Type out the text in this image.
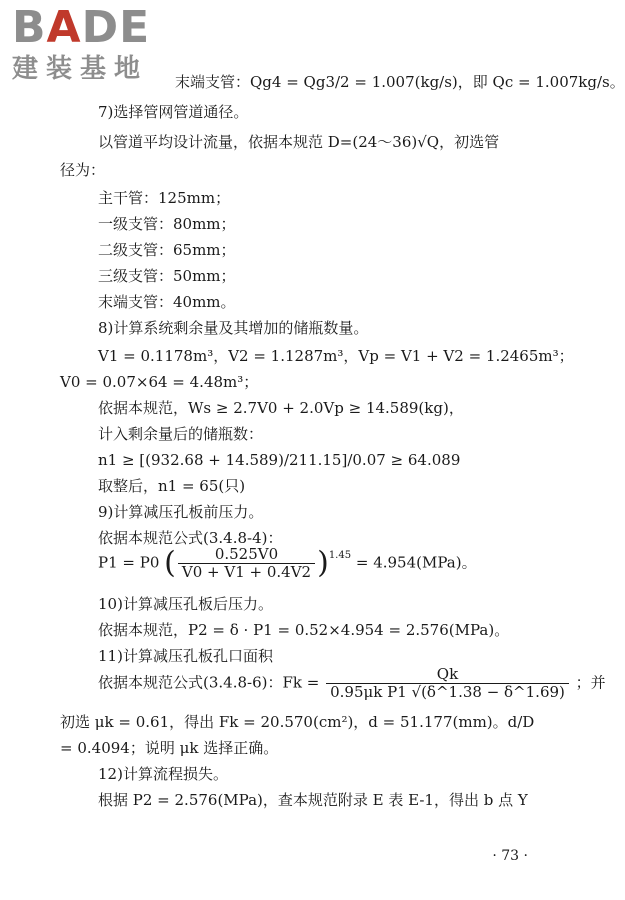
BADE
建装基地	末端支管：Qg4 = Qg3/2 = 1.007(kg/s)，即 Qc = 1.007kg/s。
7)选择管网管道通径。
以管道平均设计流量，依据本规范 D=(24～36)√Q，初选管
径为：
主干管：125mm；
一级支管：80mm；
二级支管：65mm；
三级支管：50mm；
末端支管：40mm。
8)计算系统剩余量及其增加的储瓶数量。
V1 = 0.1178m³，V2 = 1.1287m³，Vp = V1 + V2 = 1.2465m³；
V0 = 0.07×64 = 4.48m³；
依据本规范，Ws ≥ 2.7V0 + 2.0Vp ≥ 14.589(kg)，
计入剩余量后的储瓶数：
n1 ≥ [(932.68 + 14.589)/211.15]/0.07 ≥ 64.089
取整后，n1 = 65(只)
9)计算减压孔板前压力。
依据本规范公式(3.4.8-4)：
P1 = P0 ( $\frac{0.525V0}{V0 + V1 + 0.4V2} )^{1.45} = 4.954(MPa)$。
10)计算减压孔板后压力。
依据本规范，P2 = δ · P1 = 0.52×4.954 = 2.576(MPa)。
11)计算减压孔板孔口面积
依据本规范公式(3.4.8-6)：$Fk = \frac{Qk}{\text{0.95μk P1 √(δ\textasciicircum{}1.38 − δ\textasciicircum{}1.69)}}$ ；并
初选 μk = 0.61，得出 Fk = 20.570(cm²)，d = 51.177(mm)。d/D
= 0.4094；说明 μk 选择正确。
12)计算流程损失。
根据 P2 = 2.576(MPa)，查本规范附录 E 表 E-1，得出 b 点 Y
· 73 ·
